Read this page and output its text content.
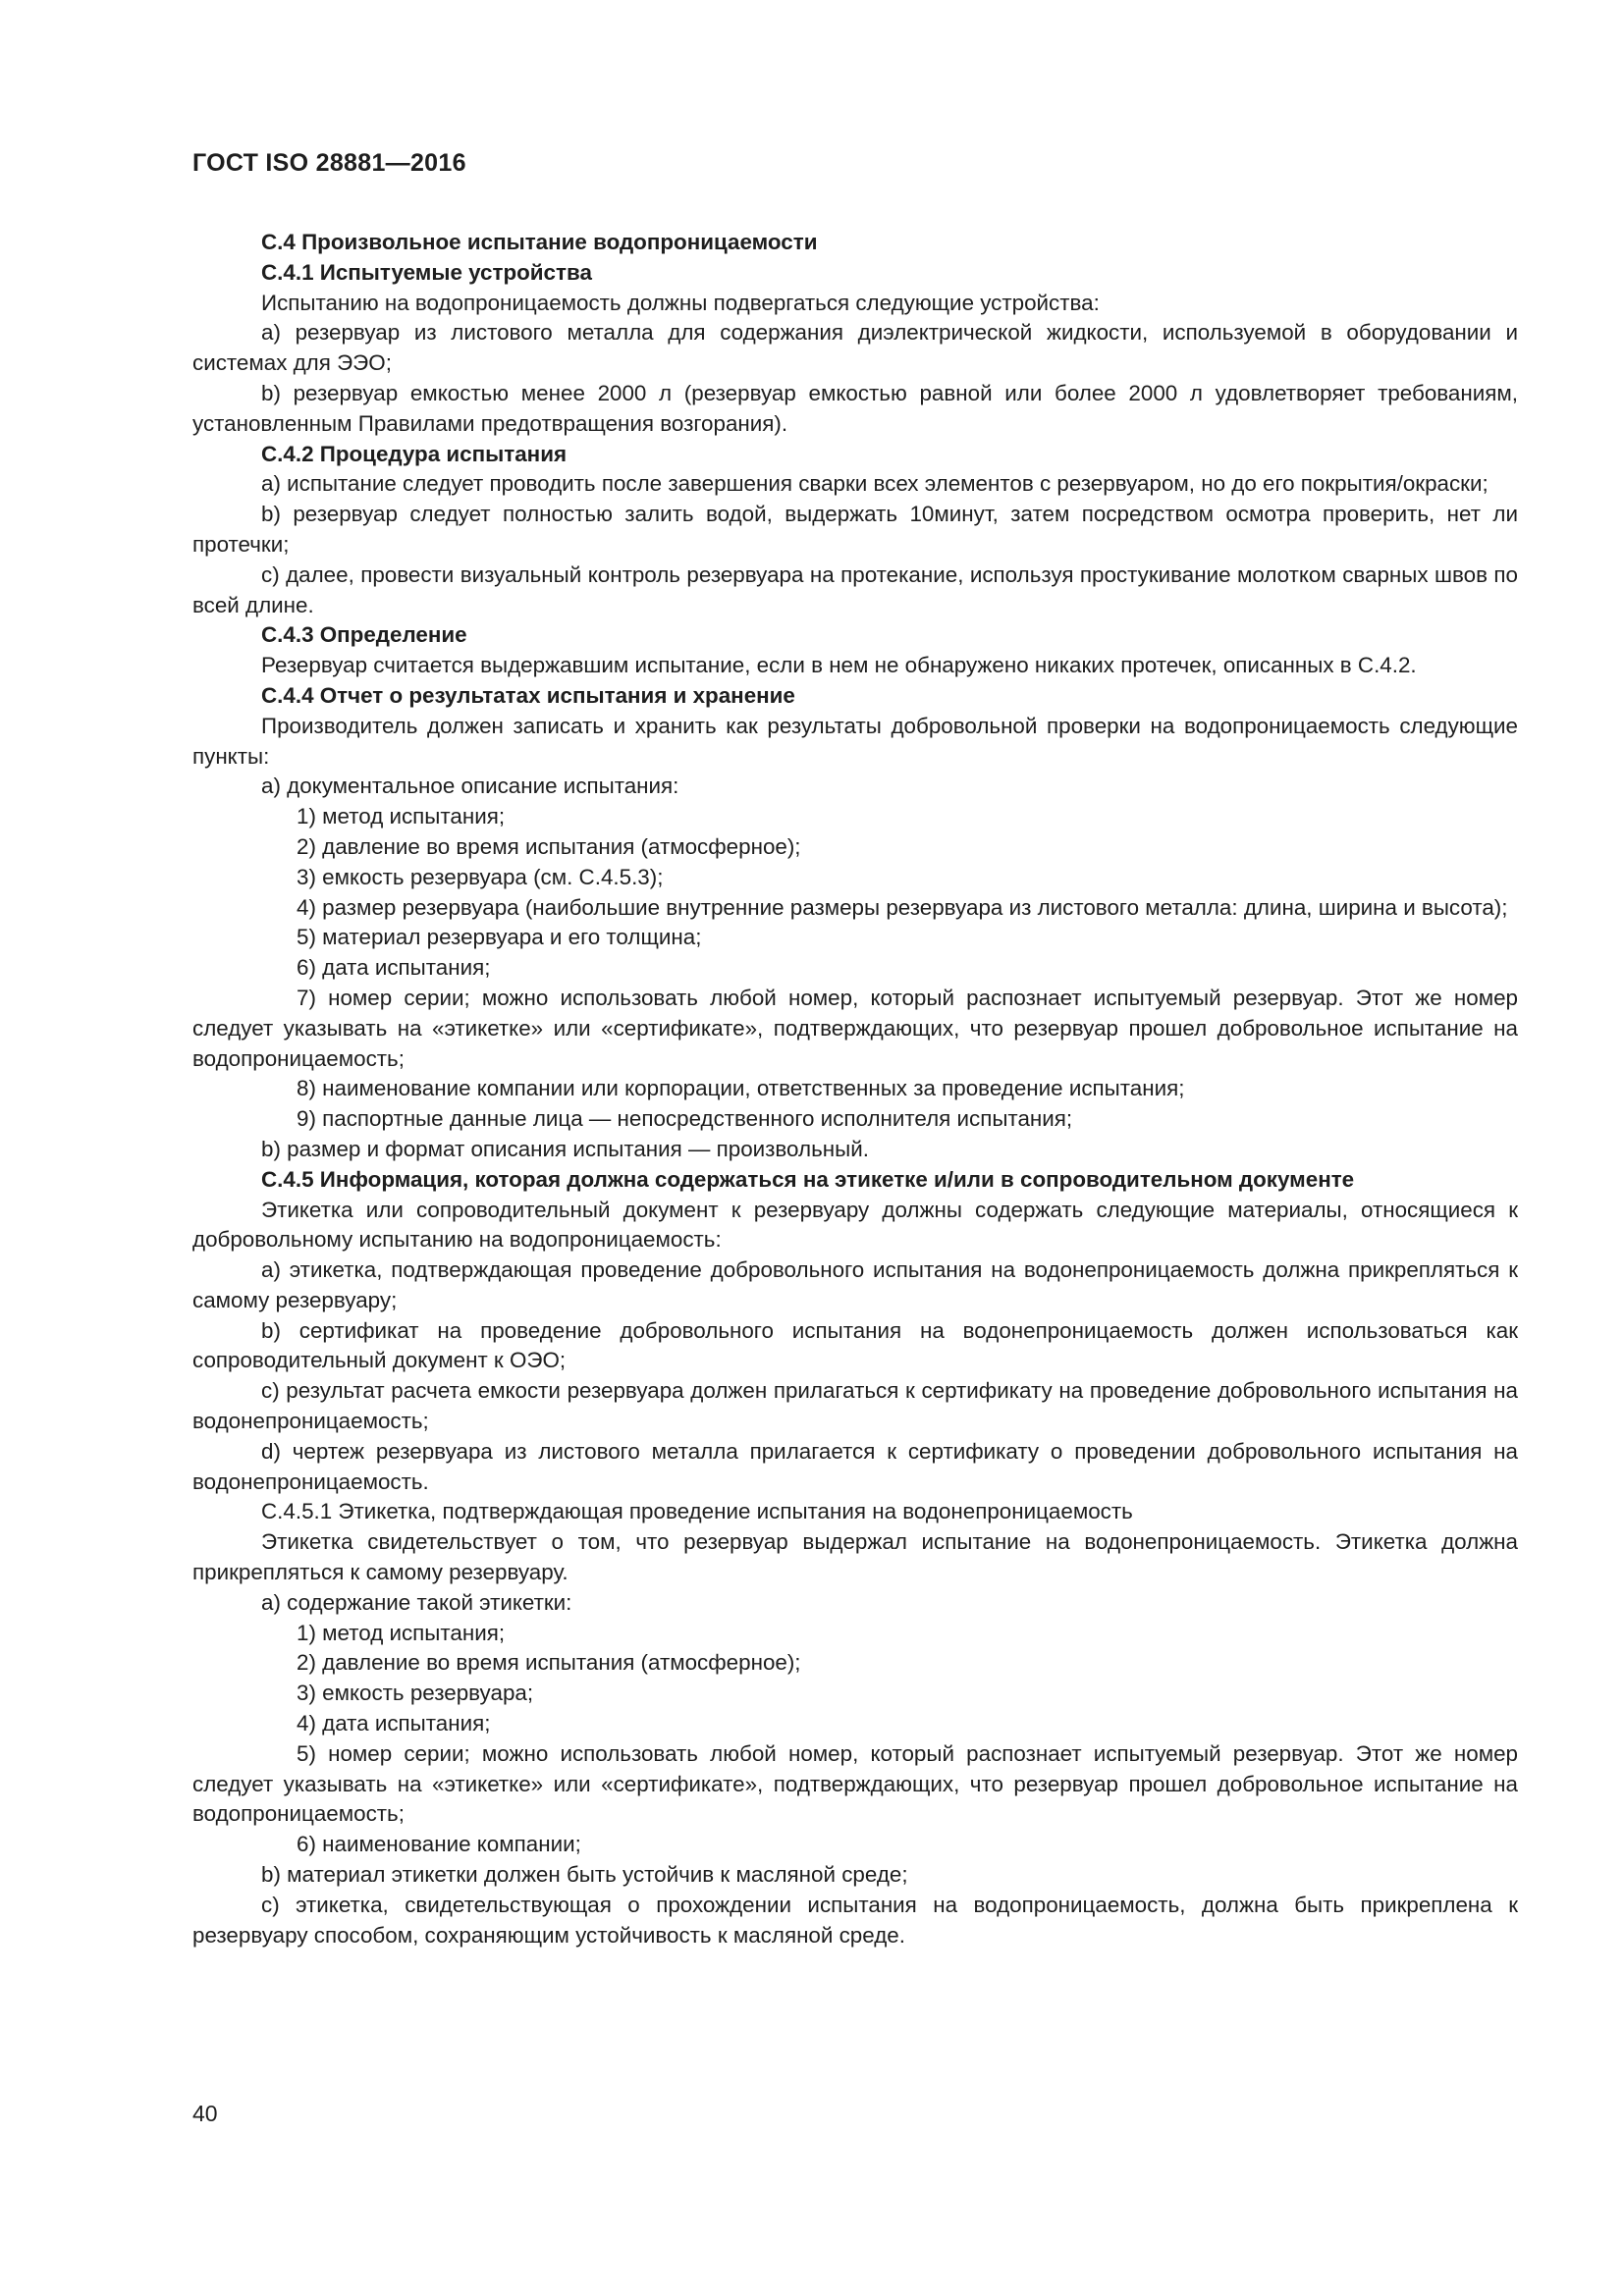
ГОСТ ISO 28881—2016

С.4 Произвольное испытание водопроницаемости

С.4.1 Испытуемые устройства

Испытанию на водопроницаемость должны подвергаться следующие устройства:

а) резервуар из листового металла для содержания диэлектрической жидкости, используемой в оборудовании и системах для ЭЭО;

b) резервуар емкостью менее 2000 л (резервуар емкостью равной или более 2000 л удовлетворяет требованиям, установленным Правилами предотвращения возгорания).

С.4.2 Процедура испытания

а) испытание следует проводить после завершения сварки всех элементов с резервуаром, но до его покрытия/окраски;

b) резервуар следует полностью залить водой, выдержать 10минут, затем посредством осмотра проверить, нет ли протечки;

c) далее, провести визуальный контроль резервуара на протекание, используя простукивание молотком сварных швов по всей длине.

С.4.3 Определение

Резервуар считается выдержавшим испытание, если в нем не обнаружено никаких протечек, описанных в С.4.2.

С.4.4 Отчет о результатах испытания и хранение

Производитель должен записать и хранить как результаты добровольной проверки на водопроницаемость следующие пункты:

а) документальное описание испытания:

1) метод испытания;

2) давление во время испытания (атмосферное);

3) емкость резервуара (см. С.4.5.3);

4) размер резервуара (наибольшие внутренние размеры резервуара из листового металла: длина, ширина и высота);

5) материал резервуара и его толщина;

6) дата испытания;

7) номер серии; можно использовать любой номер, который распознает испытуемый резервуар. Этот же номер следует указывать на «этикетке» или «сертификате», подтверждающих, что резервуар прошел добровольное испытание на водопроницаемость;

8) наименование компании или корпорации, ответственных за проведение испытания;

9) паспортные данные лица — непосредственного исполнителя испытания;

b) размер и формат описания испытания — произвольный.

С.4.5 Информация, которая должна содержаться на этикетке и/или в сопроводительном документе

Этикетка или сопроводительный документ к резервуару должны содержать следующие материалы, относящиеся к добровольному испытанию на водопроницаемость:

а) этикетка, подтверждающая проведение добровольного испытания на водонепроницаемость должна прикрепляться к самому резервуару;

b) сертификат на проведение добровольного испытания на водонепроницаемость должен использоваться как сопроводительный документ к ОЭО;

c) результат расчета емкости резервуара должен прилагаться к сертификату на проведение добровольного испытания на водонепроницаемость;

d) чертеж резервуара из листового металла прилагается к сертификату о проведении добровольного испытания на водонепроницаемость.

С.4.5.1 Этикетка, подтверждающая проведение испытания на водонепроницаемость

Этикетка свидетельствует о том, что резервуар выдержал испытание на водонепроницаемость. Этикетка должна прикрепляться к самому резервуару.

а) содержание такой этикетки:

1) метод испытания;

2) давление во время испытания (атмосферное);

3) емкость резервуара;

4) дата испытания;

5) номер серии; можно использовать любой номер, который распознает испытуемый резервуар. Этот же номер следует указывать на «этикетке» или «сертификате», подтверждающих, что резервуар прошел добровольное испытание на водопроницаемость;

6) наименование компании;

b) материал этикетки должен быть устойчив к масляной среде;

c) этикетка, свидетельствующая о прохождении испытания на водопроницаемость, должна быть прикреплена к резервуару способом, сохраняющим устойчивость к масляной среде.

40
